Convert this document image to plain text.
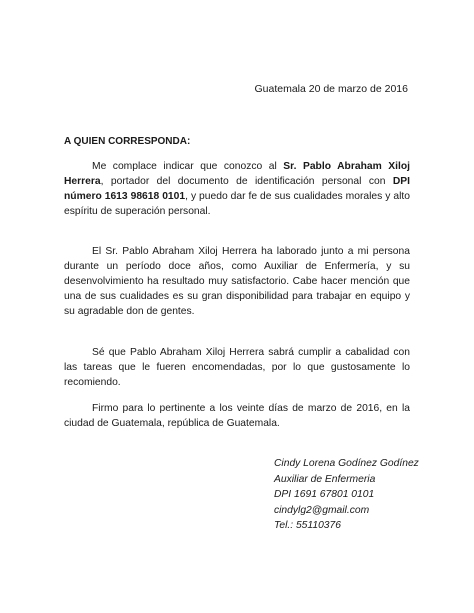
Guatemala 20 de marzo de 2016
A QUIEN CORRESPONDA:

Me complace indicar que conozco al Sr. Pablo Abraham Xiloj Herrera, portador del documento de identificación personal con DPI número 1613 98618 0101, y puedo dar fe de sus cualidades morales y alto espíritu de superación personal.

El Sr. Pablo Abraham Xiloj Herrera ha laborado junto a mi persona durante un período doce años, como Auxiliar de Enfermería, y su desenvolvimiento ha resultado muy satisfactorio. Cabe hacer mención que una de sus cualidades es su gran disponibilidad para trabajar en equipo y su agradable don de gentes.

Sé que Pablo Abraham Xiloj Herrera sabrá cumplir a cabalidad con las tareas que le fueren encomendadas, por lo que gustosamente lo recomiendo.

Firmo para lo pertinente a los veinte días de marzo de 2016, en la ciudad de Guatemala, república de Guatemala.

Cindy Lorena Godínez Godínez
Auxiliar de Enfermeria
DPI 1691 67801 0101
cindylg2@gmail.com
Tel.: 55110376
